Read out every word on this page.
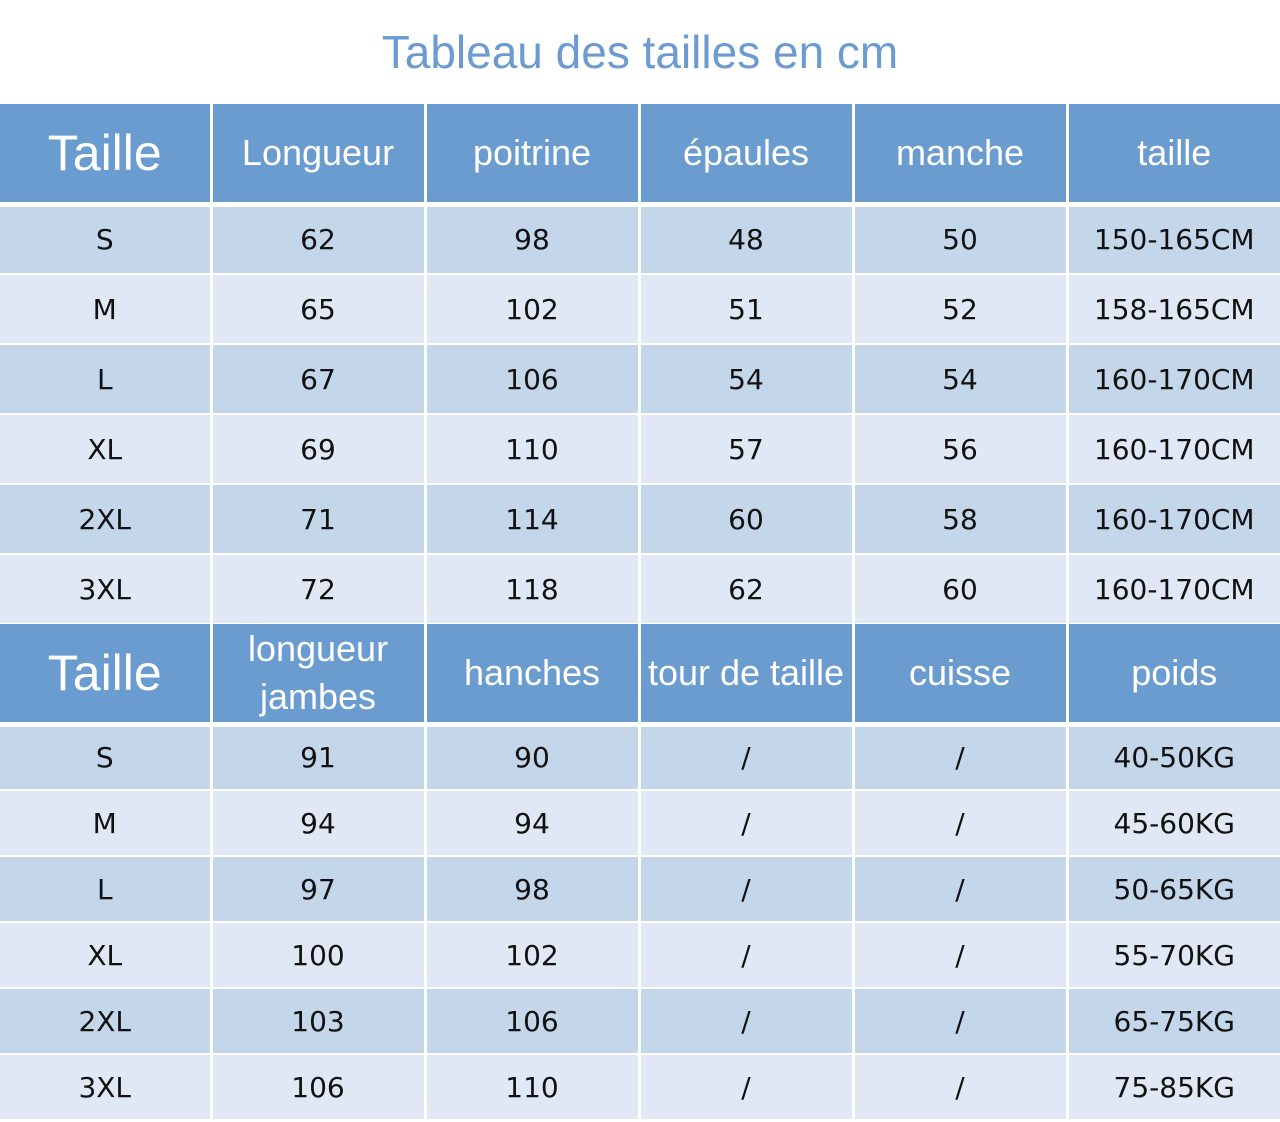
Tableau des tailles en cm
Taille	Longueur	poitrine	épaules	manche	taille
S	62	98	48	50	150-165CM
M	65	102	51	52	158-165CM
L	67	106	54	54	160-170CM
XL	69	110	57	56	160-170CM
2XL	71	114	60	58	160-170CM
3XL	72	118	62	60	160-170CM
Taille	longueur jambes	hanches	tour de taille	cuisse	poids
S	91	90	/	/	40-50KG
M	94	94	/	/	45-60KG
L	97	98	/	/	50-65KG
XL	100	102	/	/	55-70KG
2XL	103	106	/	/	65-75KG
3XL	106	110	/	/	75-85KG
